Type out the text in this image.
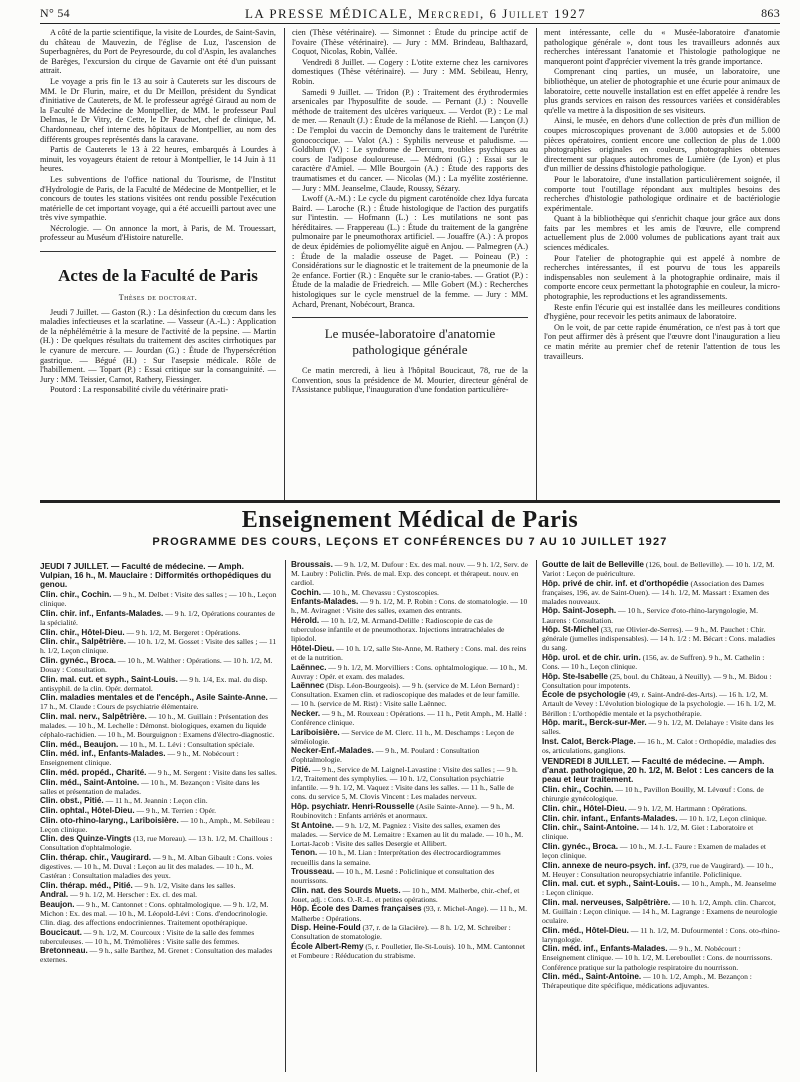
N° 54	LA PRESSE MÉDICALE, Mercredi, 6 Juillet 1927	863

A côté de la partie scientifique, la visite de Lourdes, de Saint-Savin, du château de Mauvezin, de l'église de Luz, l'ascension de Superbagnères, du Port de Peyresourde, du col d'Aspin, les avalanches de Barèges, l'excursion du cirque de Gavarnie ont été d'un puissant attrait.

Le voyage a pris fin le 13 au soir à Cauterets sur les discours de MM. le Dr Flurin, maire, et du Dr Meillon, président du Syndicat d'initiative de Cauterets, de M. le professeur agrégé Giraud au nom de la Faculté de Médecine de Montpellier, de MM. le professeur Paul Delmas, le Dr Vitry, de Cette, le Dr Pauchet, chef de clinique, M. Chardonneau, chef interne des hôpitaux de Montpellier, au nom des différents groupes représentés dans la caravane.

Partis de Cauterets le 13 à 22 heures, embarqués à Lourdes à minuit, les voyageurs étaient de retour à Montpellier, le 14 Juin à 11 heures.

Les subventions de l'office national du Tourisme, de l'Institut d'Hydrologie de Paris, de la Faculté de Médecine de Montpellier, et le concours de toutes les stations visitées ont rendu possible l'exécution matérielle de cet important voyage, qui a été accueilli partout avec une très vive sympathie.

Nécrologie. — On annonce la mort, à Paris, de M. Trouessart, professeur au Muséum d'Histoire naturelle.

Actes de la Faculté de Paris
Thèses de doctorat.

Jeudi 7 Juillet. — Gaston (R.) : La désinfection du cœcum dans les maladies infectieuses et la scarlatine. — Vasseur (A.-L.) : Application de la néphélémétrie à la mesure de l'activité de la pepsine. — Martin (H.) : De quelques résultats du traitement des ascites cirrhotiques par le cyanure de mercure. — Jourdan (G.) : Étude de l'hypersécrétion gastrique. — Bégué (H.) : Sur l'asepsie médicale. Rôle de l'habillement. — Topart (P.) : Essai critique sur la consanguinité. — Jury : MM. Teissier, Carnot, Rathery, Fiessinger.

Poutord : La responsabilité civile du vétérinaire prati-

cien (Thèse vétérinaire). — Simonnet : Étude du principe actif de l'ovaire (Thèse vétérinaire). — Jury : MM. Brindeau, Balthazard, Coquot, Nicolas, Robin, Vallée.

Vendredi 8 Juillet. — Cogery : L'otite externe chez les carnivores domestiques (Thèse vétérinaire). — Jury : MM. Sebileau, Henry, Robin.

Samedi 9 Juillet. — Tridon (P.) : Traitement des érythrodermies arsenicales par l'hyposulfite de soude. — Pernant (J.) : Nouvelle méthode de traitement des ulcères variqueux. — Verdot (P.) : Le mal de mer. — Renault (J.) : Étude de la mélanose de Riehl. — Lançon (J.) : De l'emploi du vaccin de Demonchy dans le traitement de l'urétrite gonococcique. — Valot (A.) : Syphilis nerveuse et paludisme. — Goldblum (V.) : Le syndrome de Dercum, troubles psychiques au cours de l'adipose douloureuse. — Médroni (G.) : Essai sur le caractère d'Amiel. — Mlle Bourgoin (A.) : Étude des rapports des traumatismes et du cancer. — Nicolas (M.) : La myélite zostérienne. — Jury : MM. Jeanselme, Claude, Roussy, Sézary.

Lwoff (A.-M.) : Le cycle du pigment caroténoïde chez Idya furcata Baird. — Laroche (R.) : Étude histologique de l'action des purgatifs sur l'intestin. — Hofmann (L.) : Les mutilations ne sont pas héréditaires. — Frappereau (L.) : Étude du traitement de la gangrène pulmonaire par le pneumothorax artificiel. — Jouaffre (A.) : A propos de deux épidémies de poliomyélite aiguë en Anjou. — Palmegren (A.) : Étude de la maladie osseuse de Paget. — Poineau (P.) : Considérations sur le diagnostic et le traitement de la pneumonie de la 2e enfance. Fortier (R.) : Enquête sur le cranio-tabes. — Gratiot (P.) : Étude de la maladie de Friedreich. — Mlle Gobert (M.) : Recherches histologiques sur le cycle menstruel de la femme. — Jury : MM. Achard, Prenant, Nobécourt, Branca.

Le musée-laboratoire d'anatomie pathologique générale

Ce matin mercredi, à lieu à l'hôpital Boucicaut, 78, rue de la Convention, sous la présidence de M. Mourier, directeur général de l'Assistance publique, l'inauguration d'une fondation particulière-

ment intéressante, celle du « Musée-laboratoire d'anatomie pathologique générale », dont tous les travailleurs adonnés aux recherches intéressant l'anatomie et l'histologie pathologique ne manqueront point d'apprécier vivement la très grande importance.

Comprenant cinq parties, un musée, un laboratoire, une bibliothèque, un atelier de photographie et une écurie pour animaux de laboratoire, cette nouvelle installation est en effet appelée à rendre les plus grands services en raison des ressources variées et considérables qu'elle va mettre à la disposition de ses visiteurs.

Ainsi, le musée, en dehors d'une collection de près d'un million de coupes microscopiques provenant de 3.000 autopsies et de 5.000 pièces opératoires, contient encore une collection de plus de 1.000 photographies originales en couleurs, photographies obtenues directement sur plaques autochromes de Lumière (de Lyon) et plus d'un millier de dessins d'histologie pathologique.

Pour le laboratoire, d'une installation particulièrement soignée, il comporte tout l'outillage répondant aux multiples besoins des recherches d'histologie pathologique ordinaire et de bactériologie expérimentale.

Quant à la bibliothèque qui s'enrichit chaque jour grâce aux dons faits par les membres et les amis de l'œuvre, elle comprend actuellement plus de 2.000 volumes de publications ayant trait aux sciences médicales.

Pour l'atelier de photographie qui est appelé à nombre de recherches intéressantes, il est pourvu de tous les appareils indispensables non seulement à la photographie ordinaire, mais il comporte encore ceux permettant la photographie en couleur, la micro-photographie, les reproductions et les agrandissements.

Reste enfin l'écurie qui est installée dans les meilleures conditions d'hygiène, pour recevoir les petits animaux de laboratoire.

On le voit, de par cette rapide énumération, ce n'est pas à tort que l'on peut affirmer dès à présent que l'œuvre dont l'inauguration a lieu ce matin mérite au premier chef de retenir l'attention de tous les travailleurs.

Enseignement Médical de Paris
PROGRAMME DES COURS, LEÇONS ET CONFÉRENCES DU 7 AU 10 JUILLET 1927
JEUDI 7 JUILLET. — Faculté de médecine. — Amph. Vulpian, 16 h., M. Mauclaire : Difformités orthopédiques du genou.
Clin. chir., Cochin. — 9 h., M. Delbet : Visite des salles ; — 10 h., Leçon clinique.
Clin. chir. inf., Enfants-Malades. — 9 h. 1/2, Opérations courantes de la spécialité.
Clin. chir., Hôtel-Dieu. — 9 h. 1/2, M. Bergeret : Opérations.
Clin. chir., Salpêtrière. — 10 h. 1/2, M. Gosset : Visite des salles ; — 11 h. 1/2, Leçon clinique.
Clin. gynéc., Broca. — 10 h., M. Walther : Opérations. — 10 h. 1/2, M. Douay : Consultation.
Clin. mal. cut. et syph., Saint-Louis. — 9 h. 1/4, Ex. mal. du disp. antisyphil. de la clin. Opér. dermatol.
Clin. maladies mentales et de l'encéph., Asile Sainte-Anne. — 17 h., M. Claude : Cours de psychiatrie élémentaire.
Clin. mal. nerv., Salpêtrière. — 10 h., M. Guillain : Présentation des malades. — 10 h., M. Lechelle : Démonst. biologiques, examen du liquide céphalo-rachidien. — 10 h., M. Bourguignon : Examens d'électro-diagnostic.
Clin. méd., Beaujon. — 10 h., M. L. Lévi : Consultation spéciale.
Clin. méd. inf., Enfants-Malades. — 9 h., M. Nobécourt : Enseignement clinique.
Clin. méd. propéd., Charité. — 9 h., M. Sergent : Visite dans les salles.
Clin. méd., Saint-Antoine. — 10 h., M. Bezançon : Visite dans les salles et présentation de malades.
Clin. obst., Pitié. — 11 h., M. Jeannin : Leçon clin.
Clin. ophtal., Hôtel-Dieu. — 9 h., M. Terrien : Opér.
Clin. oto-rhino-laryng., Lariboisière. — 10 h., Amph., M. Sebileau : Leçon clinique.
Clin. des Quinze-Vingts (13, rue Moreau). — 13 h. 1/2, M. Chaillous : Consultation d'ophtalmologie.
Clin. thérap. chir., Vaugirard. — 9 h., M. Alban Gibault : Cons. voies digestives. — 10 h., M. Duval : Leçon au lit des malades. — 10 h., M. Castéran : Consultation maladies des yeux.
Clin. thérap. méd., Pitié. — 9 h. 1/2, Visite dans les salles.
Andral. — 9 h. 1/2, M. Herscher : Ex. cl. des mal.
Beaujon. — 9 h., M. Cantonnet : Cons. ophtalmologique. — 9 h. 1/2, M. Michon : Ex. des mal. — 10 h., M. Léopold-Lévi : Cons. d'endocrinologie. Clin. diag. des affections endocriniennes. Traitement opothérapique.
Boucicaut. — 9 h. 1/2, M. Courcoux : Visite de la salle des femmes tuberculeuses. — 10 h., M. Trémolières : Visite salle des femmes.
Bretonneau. — 9 h., salle Barthez, M. Grenet : Consultation des malades externes.
Broussais. — 9 h. 1/2, M. Dufour : Ex. des mal. nouv. — 9 h. 1/2, Serv. de M. Laubry : Policlin. Prés. de mal. Exp. des concept. et thérapeut. nouv. en cardiol.
Cochin. — 10 h., M. Chevassu : Cystoscopies.
Enfants-Malades. — 9 h. 1/2, M. P. Robin : Cons. de stomatologie. — 10 h., M. Aviragnet : Visite des salles, examen des entrants.
Hérold. — 10 h. 1/2, M. Armand-Delille : Radioscopie de cas de tuberculose infantile et de pneumothorax. Injections intratrachéales de lipiodol.
Hôtel-Dieu. — 10 h. 1/2, salle Ste-Anne, M. Rathery : Cons. mal. des reins et de la nutrition.
Laënnec. — 9 h. 1/2, M. Morvilliers : Cons. ophtalmologique. — 10 h., M. Auvray : Opér. et exam. des malades.
Laënnec (Disp. Léon-Bourgeois). — 9 h. (service de M. Léon Bernard) : Consultation. Examen clin. et radioscopique des malades et de leur famille. — 10 h. (service de M. Rist) : Visite salle Laënnec.
Necker. — 9 h., M. Rouxeau : Opérations. — 11 h., Petit Amph., M. Hallé : Conférence clinique.
Lariboisière. — Service de M. Clerc. 11 h., M. Deschamps : Leçon de séméiologie.
Necker-Enf.-Malades. — 9 h., M. Poulard : Consultation d'ophtalmologie.
Pitié. — 9 h., Service de M. Laignel-Lavastine : Visite des salles ; — 9 h. 1/2, Traitement des symphylies. — 10 h. 1/2, Consultation psychiatrie infantile. — 9 h. 1/2, M. Vaquez : Visite dans les salles. — 11 h., Salle de cons. du service 5, M. Clovis Vincent : Les malades nerveux.
Hôp. psychiatr. Henri-Rousselle (Asile Sainte-Anne). — 9 h., M. Roubinovitch : Enfants arriérés et anormaux.
St Antoine. — 9 h. 1/2, M. Pagniez : Visite des salles, examen des malades. — Service de M. Lemaitre : Examen au lit du malade. — 10 h., M. Lortat-Jacob : Visite des salles Desergie et Allibert.
Tenon. — 10 h., M. Lian : Interprétation des électrocardiogrammes recueillis dans la semaine.
Trousseau. — 10 h., M. Lesné : Policlinique et consultation des nourrissons.
Clin. nat. des Sourds Muets. — 10 h., MM. Malherbe, chir.-chef, et Jouet, adj. : Cons. O.-R.-L. et petites opérations.
Hôp. École des Dames françaises (93, r. Michel-Ange). — 11 h., M. Malherbe : Opérations.
Disp. Heine-Fould (37, r. de la Glacière). — 8 h. 1/2, M. Schreiber : Consultation de stomatologie.
École Albert-Remy (5, r. Poulletier, Ile-St-Louis). 10 h., MM. Cantonnet et Fombeure : Rééducation du strabisme.
Goutte de lait de Belleville (126, boul. de Belleville). — 10 h. 1/2, M. Variot : Leçon de puériculture.
Hôp. privé de chir. inf. et d'orthopédie (Association des Dames françaises, 196, av. de Saint-Ouen). — 14 h. 1/2, M. Massart : Examen des malades nouveaux.
Hôp. Saint-Joseph. — 10 h., Service d'oto-rhino-laryngologie, M. Laurens : Consultation.
Hôp. St-Michel (33, rue Olivier-de-Serres). — 9 h., M. Pauchet : Chir. générale (jumelles indispensables). — 14 h. 1/2 : M. Bécart : Cons. maladies du sang.
Hôp. urol. et de chir. urin. (156, av. de Suffren). 9 h., M. Cathelin : Cons. — 10 h., Leçon clinique.
Hôp. Ste-Isabelle (25, boul. du Château, à Neuilly). — 9 h., M. Bidou : Consultation pour impotents.
École de psychologie (49, r. Saint-André-des-Arts). — 16 h. 1/2, M. Artault de Vevey : L'évolution biologique de la psychologie. — 16 h. 1/2, M. Bérillon : L'orthopédie mentale et la psychothérapie.
Hôp. marit., Berck-sur-Mer. — 9 h. 1/2, M. Delahaye : Visite dans les salles.
Inst. Calot, Berck-Plage. — 16 h., M. Calot : Orthopédie, maladies des os, articulations, ganglions.
VENDREDI 8 JUILLET. — Faculté de médecine. — Amph. d'anat. pathologique, 20 h. 1/2, M. Belot : Les cancers de la peau et leur traitement.
Clin. chir., Cochin. — 10 h., Pavillon Bouilly, M. Lévœuf : Cons. de chirurgie gynécologique.
Clin. chir., Hôtel-Dieu. — 9 h. 1/2, M. Hartmann : Opérations.
Clin. chir. infant., Enfants-Malades. — 10 h. 1/2, Leçon clinique.
Clin. chir., Saint-Antoine. — 14 h. 1/2, M. Giet : Laboratoire et clinique.
Clin. gynéc., Broca. — 10 h., M. J.-L. Faure : Examen de malades et leçon clinique.
Clin. annexe de neuro-psych. inf. (379, rue de Vaugirard). — 10 h., M. Heuyer : Consultation neuropsychiatrie infantile. Policlinique.
Clin. mal. cut. et syph., Saint-Louis. — 10 h., Amph., M. Jeanselme : Leçon clinique.
Clin. mal. nerveuses, Salpêtrière. — 10 h. 1/2, Amph. clin. Charcot, M. Guillain : Leçon clinique. — 14 h., M. Lagrange : Examens de neurologie oculaire.
Clin. méd., Hôtel-Dieu. — 11 h. 1/2, M. Dufourmentel : Cons. oto-rhino-laryngologie.
Clin. méd. inf., Enfants-Malades. — 9 h., M. Nobécourt : Enseignement clinique. — 10 h. 1/2, M. Lereboullet : Cons. de nourrissons. Conférence pratique sur la pathologie respiratoire du nourrisson.
Clin. méd., Saint-Antoine. — 10 h. 1/2, Amph., M. Bezançon : Thérapeutique dite spécifique, médications adjuvantes.
